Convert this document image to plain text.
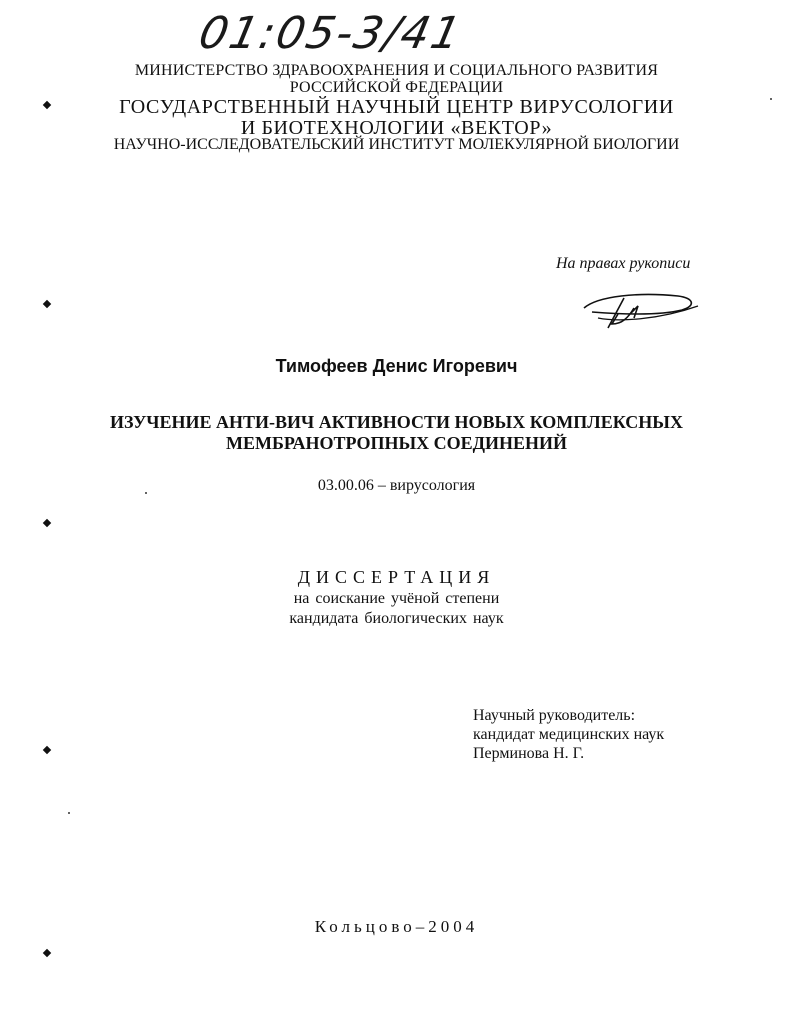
01:05-3/41
МИНИСТЕРСТВО ЗДРАВООХРАНЕНИЯ И СОЦИАЛЬНОГО РАЗВИТИЯ
РОССИЙСКОЙ ФЕДЕРАЦИИ
ГОСУДАРСТВЕННЫЙ НАУЧНЫЙ ЦЕНТР ВИРУСОЛОГИИ
И БИОТЕХНОЛОГИИ «ВЕКТОР»
НАУЧНО-ИССЛЕДОВАТЕЛЬСКИЙ ИНСТИТУТ МОЛЕКУЛЯРНОЙ БИОЛОГИИ
На правах рукописи
Тимофеев Денис Игоревич
ИЗУЧЕНИЕ АНТИ-ВИЧ АКТИВНОСТИ НОВЫХ КОМПЛЕКСНЫХ
МЕМБРАНОТРОПНЫХ СОЕДИНЕНИЙ
03.00.06 – вирусология
ДИССЕРТАЦИЯ
на соискание учёной степени
кандидата биологических наук
Научный руководитель:
кандидат медицинских наук
Перминова Н. Г.
Кольцово–2004
